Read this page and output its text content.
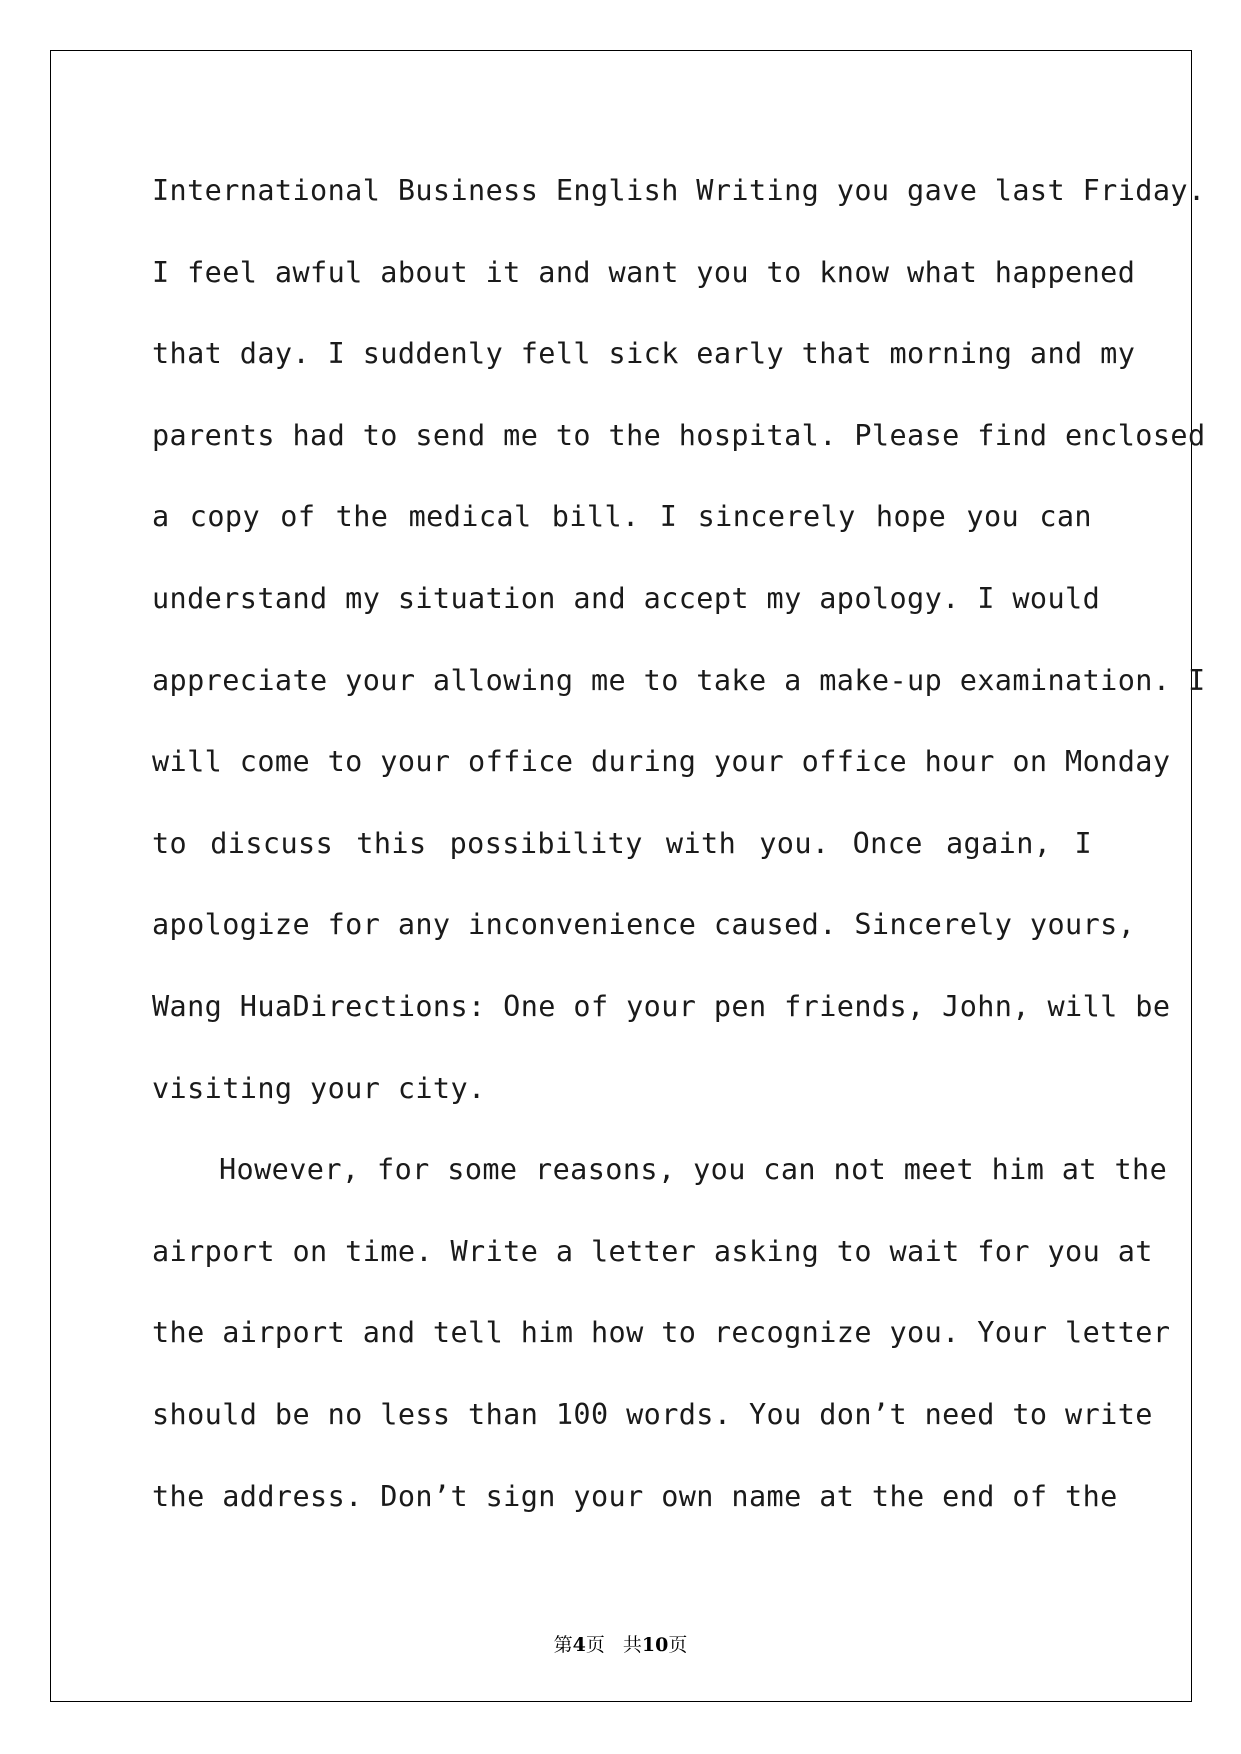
International Business English Writing you gave last Friday.
I feel awful about it and want you to know what happened
that day. I suddenly fell sick early that morning and my
parents had to send me to the hospital. Please find enclosed
a copy of the medical bill. I sincerely hope you can
understand my situation and accept my apology. I would
appreciate your allowing me to take a make-up examination. I
will come to your office during your office hour on Monday
to discuss this possibility with you. Once again, I
apologize for any inconvenience caused. Sincerely yours,
Wang HuaDirections: One of your pen friends, John, will be
visiting your city.
However, for some reasons, you can not meet him at the
airport on time. Write a letter asking to wait for you at
the airport and tell him how to recognize you. Your letter
should be no less than 100 words. You don’t need to write
the address. Don’t sign your own name at the end of the
第4页 共10页
